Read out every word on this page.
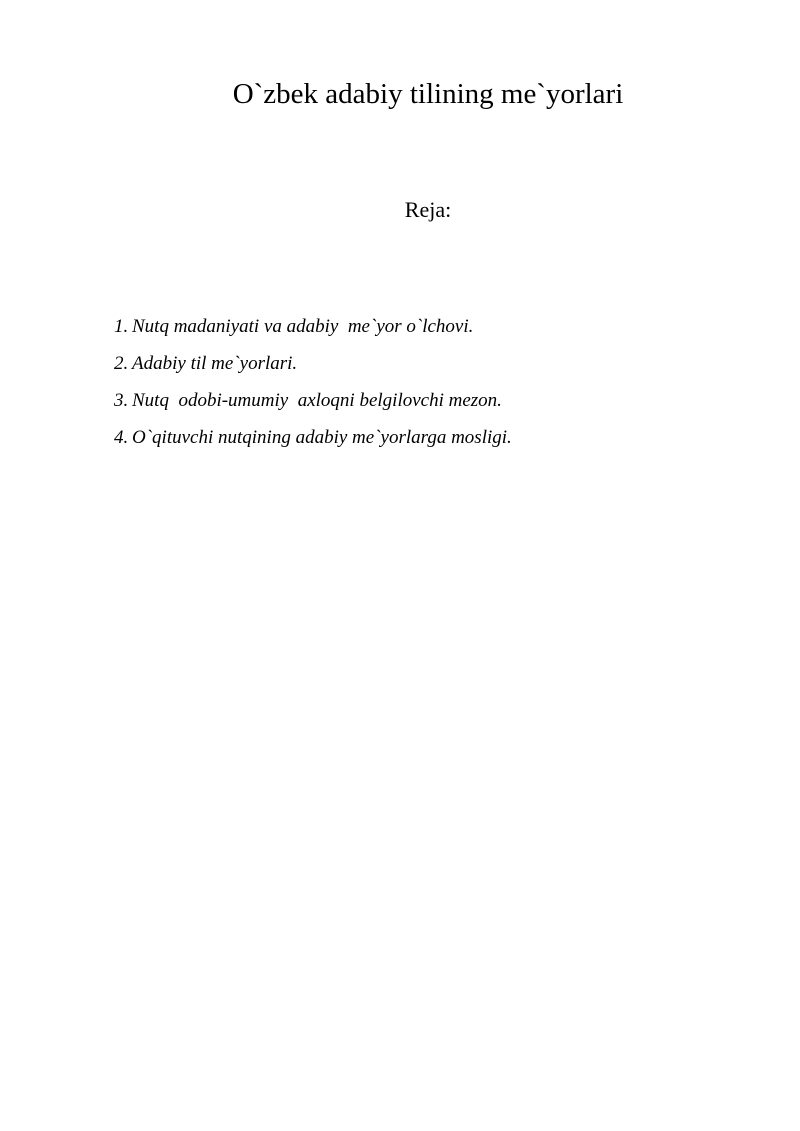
O`zbek adabiy tilining me`yorlari
Reja:
1. Nutq madaniyati va adabiy  me`yor o`lchovi.
2. Adabiy til me`yorlari.
3. Nutq  odobi-umumiy  axloqni belgilovchi mezon.
4. O`qituvchi nutqining adabiy me`yorlarga mosligi.
